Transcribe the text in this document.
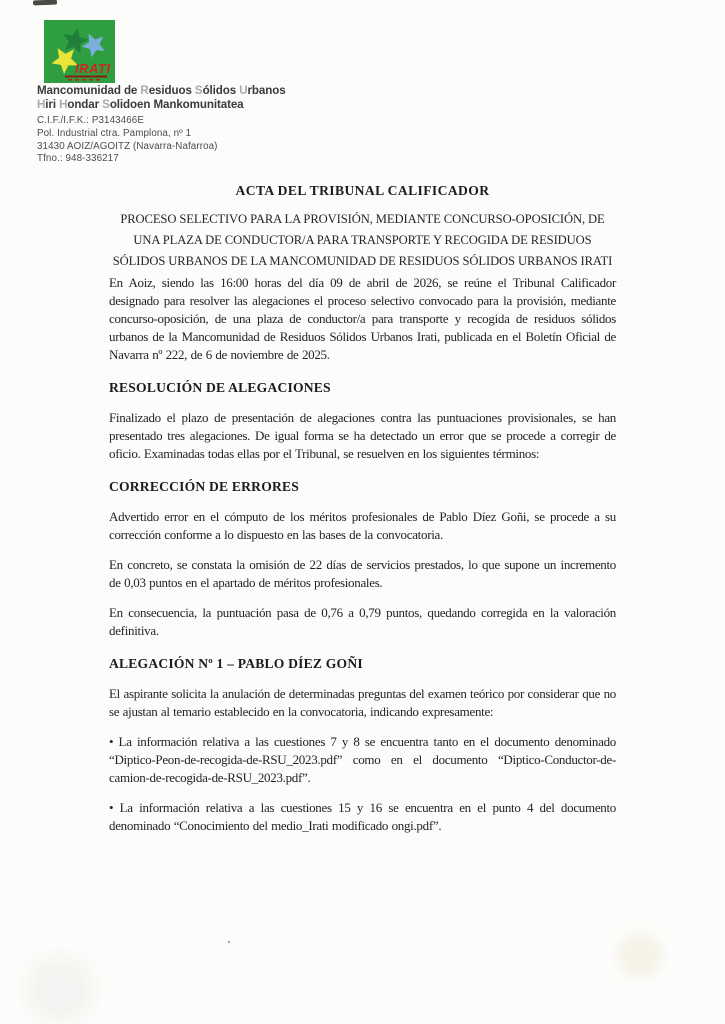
IRATI
Mancomunidad de Residuos Sólidos Urbanos
Hiri Hondar Solidoen Mankomunitatea
C.I.F./I.F.K.: P3143466E
Pol. Industrial ctra. Pamplona, nº 1
31430 AOIZ/AGOITZ (Navarra-Nafarroa)
Tfno.: 948-336217
ACTA DEL TRIBUNAL CALIFICADOR

PROCESO SELECTIVO PARA LA PROVISIÓN, MEDIANTE CONCURSO-OPOSICIÓN, DE UNA PLAZA DE CONDUCTOR/A PARA TRANSPORTE Y RECOGIDA DE RESIDUOS SÓLIDOS URBANOS DE LA MANCOMUNIDAD DE RESIDUOS SÓLIDOS URBANOS IRATI

En Aoiz, siendo las 16:00 horas del día 09 de abril de 2026, se reúne el Tribunal Calificador designado para resolver las alegaciones el proceso selectivo convocado para la provisión, mediante concurso-oposición, de una plaza de conductor/a para transporte y recogida de residuos sólidos urbanos de la Mancomunidad de Residuos Sólidos Urbanos Irati, publicada en el Boletín Oficial de Navarra nº 222, de 6 de noviembre de 2025.

RESOLUCIÓN DE ALEGACIONES

Finalizado el plazo de presentación de alegaciones contra las puntuaciones provisionales, se han presentado tres alegaciones. De igual forma se ha detectado un error que se procede a corregir de oficio. Examinadas todas ellas por el Tribunal, se resuelven en los siguientes términos:

CORRECCIÓN DE ERRORES

Advertido error en el cómputo de los méritos profesionales de Pablo Díez Goñi, se procede a su corrección conforme a lo dispuesto en las bases de la convocatoria.

En concreto, se constata la omisión de 22 días de servicios prestados, lo que supone un incremento de 0,03 puntos en el apartado de méritos profesionales.

En consecuencia, la puntuación pasa de 0,76 a 0,79 puntos, quedando corregida en la valoración definitiva.

ALEGACIÓN Nº 1 – PABLO DÍEZ GOÑI

El aspirante solicita la anulación de determinadas preguntas del examen teórico por considerar que no se ajustan al temario establecido en la convocatoria, indicando expresamente:

• La información relativa a las cuestiones 7 y 8 se encuentra tanto en el documento denominado “Diptico-Peon-de-recogida-de-RSU_2023.pdf” como en el documento “Diptico-Conductor-de-camion-de-recogida-de-RSU_2023.pdf”.

• La información relativa a las cuestiones 15 y 16 se encuentra en el punto 4 del documento denominado “Conocimiento del medio_Irati modificado ongi.pdf”.
